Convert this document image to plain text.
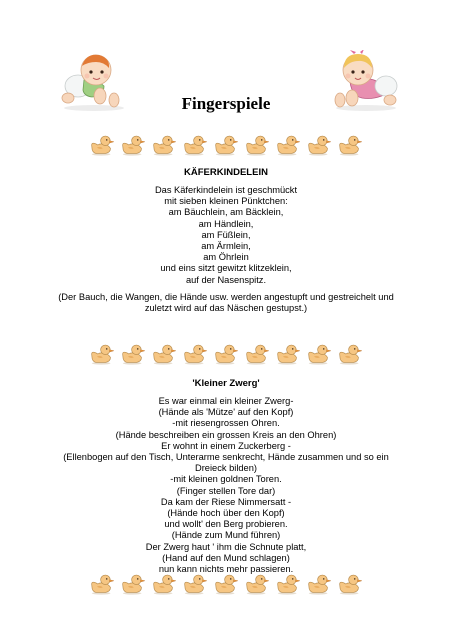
Fingerspiele
KÄFERKINDELEIN
Das Käferkindelein ist geschmückt
mit sieben kleinen Pünktchen:
am Bäuchlein, am Bäcklein,
am Händlein,
am Füßlein,
am Ärmlein,
am Öhrlein
und eins sitzt gewitzt klitzeklein,
auf der Nasenspitz.
(Der Bauch, die Wangen, die Hände usw. werden angestupft und gestreichelt und
zuletzt wird auf das Näschen gestupst.)
'Kleiner Zwerg'
Es war einmal ein kleiner Zwerg-
(Hände als 'Mütze' auf den Kopf)
-mit riesengrossen Ohren.
(Hände beschreiben ein grossen Kreis an den Ohren)
Er wohnt in einem Zuckerberg -
(Ellenbogen auf den Tisch, Unterarme senkrecht, Hände zusammen und so ein
Dreieck bilden)
-mit kleinen goldnen Toren.
(Finger stellen Tore dar)
Da kam der Riese Nimmersatt -
(Hände hoch über den Kopf)
und wollt' den Berg probieren.
(Hände zum Mund führen)
Der Zwerg haut ' ihm die Schnute platt,
(Hand auf den Mund schlagen)
nun kann nichts mehr passieren.
